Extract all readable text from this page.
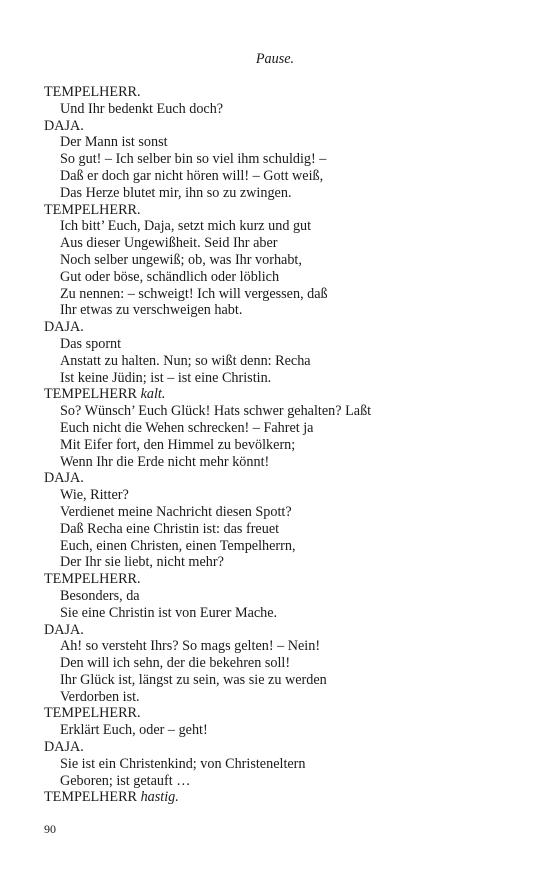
Pause.
TEMPELHERR.
Und Ihr bedenkt Euch doch?
DAJA.
Der Mann ist sonst
So gut! – Ich selber bin so viel ihm schuldig! –
Daß er doch gar nicht hören will! – Gott weiß,
Das Herze blutet mir, ihn so zu zwingen.
TEMPELHERR.
Ich bitt’ Euch, Daja, setzt mich kurz und gut
Aus dieser Ungewißheit. Seid Ihr aber
Noch selber ungewiß; ob, was Ihr vorhabt,
Gut oder böse, schändlich oder löblich
Zu nennen: – schweigt! Ich will vergessen, daß
Ihr etwas zu verschweigen habt.
DAJA.
Das spornt
Anstatt zu halten. Nun; so wißt denn: Recha
Ist keine Jüdin; ist – ist eine Christin.
TEMPELHERR kalt.
So? Wünsch’ Euch Glück! Hats schwer gehalten? Laßt
Euch nicht die Wehen schrecken! – Fahret ja
Mit Eifer fort, den Himmel zu bevölkern;
Wenn Ihr die Erde nicht mehr könnt!
DAJA.
Wie, Ritter?
Verdienet meine Nachricht diesen Spott?
Daß Recha eine Christin ist: das freuet
Euch, einen Christen, einen Tempelherrn,
Der Ihr sie liebt, nicht mehr?
TEMPELHERR.
Besonders, da
Sie eine Christin ist von Eurer Mache.
DAJA.
Ah! so versteht Ihrs? So mags gelten! – Nein!
Den will ich sehn, der die bekehren soll!
Ihr Glück ist, längst zu sein, was sie zu werden
Verdorben ist.
TEMPELHERR.
Erklärt Euch, oder – geht!
DAJA.
Sie ist ein Christenkind; von Christeneltern
Geboren; ist getauft …
TEMPELHERR hastig.
90
